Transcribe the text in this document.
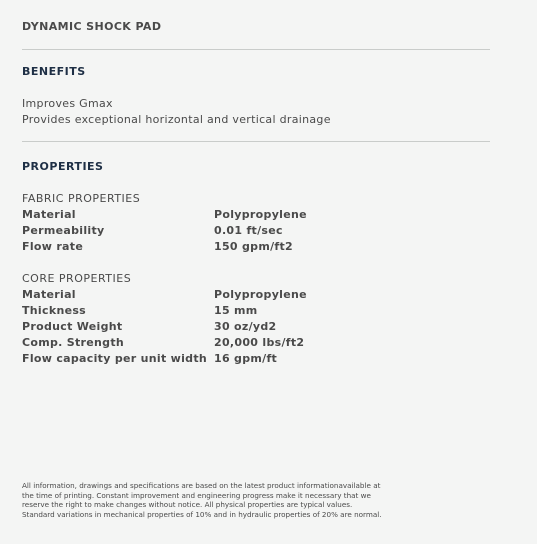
DYNAMIC SHOCK PAD
BENEFITS
Improves Gmax
Provides exceptional horizontal and vertical drainage
PROPERTIES
FABRIC PROPERTIES
Material	Polypropylene
Permeability	0.01 ft/sec
Flow rate	150 gpm/ft2
CORE PROPERTIES
Material	Polypropylene
Thickness	15 mm
Product Weight	30 oz/yd2
Comp. Strength	20,000 lbs/ft2
Flow capacity per unit width 16 gpm/ft
All information, drawings and specifications are based on the latest product informationavailable at the time of printing. Constant improvement and engineering progress make it necessary that we reserve the right to make changes without notice. All physical properties are typical values. Standard variations in mechanical properties of 10% and in hydraulic properties of 20% are normal.
